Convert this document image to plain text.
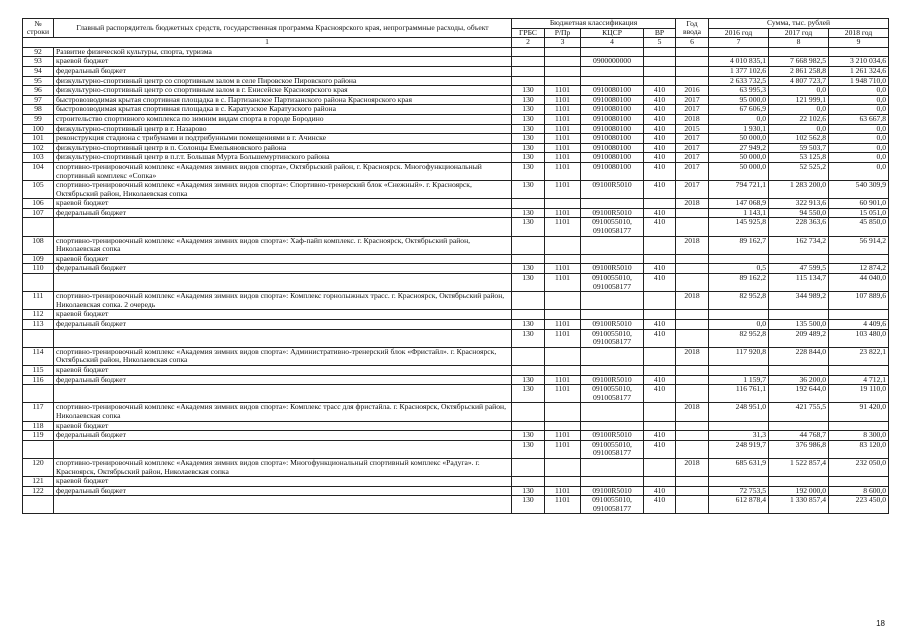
№ строки	Главный распорядитель бюджетных средств, государственная программа Красноярского края, непрограммные расходы, объект	Бюджетная классификация				Год ввода	Сумма, тыс. рублей		
		ГРБС	Р/Пр	КЦСР	ВР		2016 год	2017 год	2018 год
1		2	3	4	5	6	7	8	9
92	Развитие физической культуры, спорта, туризма								
93	краевой бюджет			0900000000			4 010 835,1	7 668 982,5	3 210 034,6
94	федеральный бюджет						1 377 102,6	2 861 258,8	1 261 324,6
95	физкультурно-спортивный центр со спортивным залом в селе Пировское Пировского района						2 633 732,5	4 807 723,7	1 948 710,0
96	физкультурно-спортивный центр со спортивным залом в г. Енисейске Красноярского края	130	1101	0910080100	410	2016	63 995,3	0,0	0,0
97	быстровозводимая крытая спортивная площадка в с. Партизанское Партизанского района Красноярского края	130	1101	0910080100	410	2017	95 000,0	121 999,1	0,0
98	быстровозводимая крытая спортивная площадка в с. Каратузское Каратузского района	130	1101	0910080100	410	2017	67 606,9	0,0	0,0
99	строительство спортивного комплекса по зимним видам спорта в городе Бородино	130	1101	0910080100	410	2018	0,0	22 102,6	63 667,8
100	физкультурно-спортивный центр в г. Назарово	130	1101	0910080100	410	2015	1 930,1	0,0	0,0
101	реконструкция стадиона с трибунами и подтрибунными помещениями в г. Ачинске	130	1101	0910080100	410	2017	50 000,0	102 562,8	0,0
102	физкультурно-спортивный центр в п. Солонцы Емельяновского района	130	1101	0910080100	410	2017	27 949,2	59 503,7	0,0
103	физкультурно-спортивный центр в п.г.т. Большая Мурта Большемуртинского района	130	1101	0910080100	410	2017	50 000,0	53 125,8	0,0
104	спортивно-тренировочный комплекс «Академия зимних видов спорта», Октябрьский район, г. Красноярск. Многофункциональный спортивный комплекс «Сопка»	130	1101	0910080100	410	2017	50 000,0	52 525,2	0,0
105	спортивно-тренировочный комплекс «Академия зимних видов спорта»: Спортивно-тренерский блок «Снежный». г. Красноярск, Октябрьский район, Николаевская сопка	130	1101	09100R5010	410	2017	794 721,1	1 283 200,0	540 309,9
106	краевой бюджет					2018	147 068,9	322 913,6	60 901,0
107	федеральный бюджет	130	1101	09100R5010	410		1 143,1	94 550,0	15 051,0
		130	1101	0910055010, 0910058177	410		145 925,8	228 363,6	45 850,0
108	спортивно-тренировочный комплекс «Академия зимних видов спорта»: Хаф-пайп комплекс. г. Красноярск, Октябрьский район, Николаевская сопка					2018	89 162,7	162 734,2	56 914,2
109	краевой бюджет								
110	федеральный бюджет	130	1101	09100R5010	410		0,5	47 599,5	12 874,2
		130	1101	0910055010, 0910058177	410		89 162,2	115 134,7	44 040,0
111	спортивно-тренировочный комплекс «Академия зимних видов спорта»: Комплекс горнолыжных трасс. г. Красноярск, Октябрьский район, Николаевская сопка. 2 очередь					2018	82 952,8	344 989,2	107 889,6
112	краевой бюджет								
113	федеральный бюджет	130	1101	09100R5010	410		0,0	135 500,0	4 409,6
		130	1101	0910055010, 0910058177	410		82 952,8	209 489,2	103 480,0
114	спортивно-тренировочный комплекс «Академия зимних видов спорта»: Административно-тренерский блок «Фристайл». г. Красноярск, Октябрьский район, Николаевская сопка					2018	117 920,8	228 844,0	23 822,1
115	краевой бюджет								
116	федеральный бюджет	130	1101	09100R5010	410		1 159,7	36 200,0	4 712,1
		130	1101	0910055010, 0910058177	410		116 761,1	192 644,0	19 110,0
117	спортивно-тренировочный комплекс «Академия зимних видов спорта»: Комплекс трасс для фристайла. г. Красноярск, Октябрьский район, Николаевская сопка					2018	248 951,0	421 755,5	91 420,0
118	краевой бюджет								
119	федеральный бюджет	130	1101	09100R5010	410		31,3	44 768,7	8 300,0
		130	1101	0910055010, 0910058177	410		248 919,7	376 986,8	83 120,0
120	спортивно-тренировочный комплекс «Академия зимних видов спорта»: Многофункциональный спортивный комплекс «Радуга». г. Красноярск, Октябрьский район, Николаевская сопка					2018	685 631,9	1 522 857,4	232 050,0
121	краевой бюджет								
122	федеральный бюджет	130	1101	09100R5010	410		72 753,5	192 000,0	8 600,0
		130	1101	0910055010, 0910058177	410		612 878,4	1 330 857,4	223 450,0
18
